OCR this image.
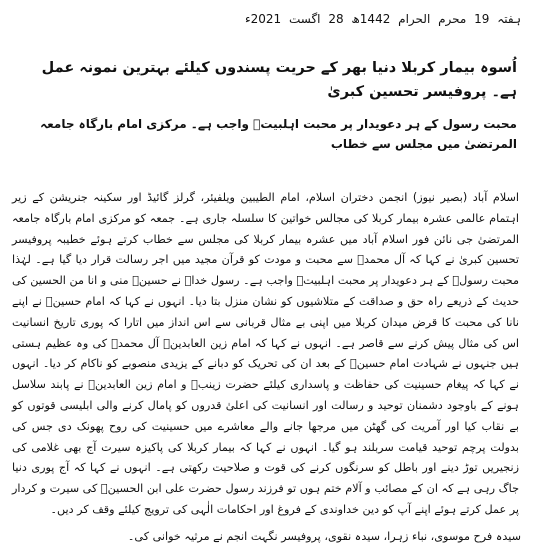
ہفتہ 19 محرم الحرام 1442ھ 28 اگست 2021ء
اُسوہ بیمار کربلا دنیا بھر کے حریت پسندوں کیلئے بہترین نمونہ عمل ہے۔ پروفیسر تحسین کبریٰ
محبت رسول کے ہر دعویدار پر محبت اہلبیتؑ واجب ہے۔ مرکزی امام بارگاہ جامعہ المرتضیٰ میں مجلس سے خطاب
اسلام آباد (بصیر نیوز) انجمن دختران اسلام، امام الطیبین ویلفیئر، گرلز گائیڈ اور سکینہ جنریشن کے زیر اہتمام عالمی عشرہ بیمار کربلا کی مجالس خواتین کا سلسلہ جاری ہے۔ جمعہ کو مرکزی امام بارگاہ جامعہ المرتضیٰ جی نائن فور اسلام آباد میں عشرہ بیمار کربلا کی مجلس سے خطاب کرتے ہوئے خطیبہ پروفیسر تحسین کبریٰ نے کہا کہ آل محمدؐ سے محبت و مودت کو قرآن مجید میں اجر رسالت قرار دیا گیا ہے۔ لہٰذا محبت رسولؐ کے ہر دعویدار پر محبت اہلبیتؑ واجب ہے۔ رسول خداؐ نے حسینؑ منی و انا من الحسین کی حدیث کے ذریعے راہ حق و صداقت کے متلاشیوں کو نشان منزل بتا دیا۔ انہوں نے کہا کہ امام حسینؑ نے اپنے نانا کی محبت کا قرض میدان کربلا میں اپنی بے مثال قربانی سے اس انداز میں اتارا کہ پوری تاریخ انسانیت اس کی مثال پیش کرنے سے قاصر ہے۔ انہوں نے کہا کہ امام زین العابدینؑ آل محمدؐ کی وہ عظیم ہستی ہیں جنہوں نے شہادت امام حسینؑ کے بعد ان کی تحریک کو دبانے کے یزیدی منصوبے کو ناکام کر دیا۔ انہوں نے کہا کہ پیغام حسینیت کی حفاظت و پاسداری کیلئے حضرت زینبؑ و امام زین العابدینؑ نے پابند سلاسل ہونے کے باوجود دشمنان توحید و رسالت اور انسانیت کی اعلیٰ قدروں کو پامال کرنے والی ابلیسی قوتوں کو بے نقاب کیا اور آمریت کی گھٹن میں مرجھا جانے والے معاشرے میں حسینیت کی روح پھونک دی جس کی بدولت پرچم توحید قیامت سربلند ہو گیا۔ انہوں نے کہا کہ بیمار کربلا کی پاکیزہ سیرت آج بھی غلامی کی زنجیریں توڑ دینے اور باطل کو سرنگوں کرنے کی قوت و صلاحیت رکھتی ہے۔ انہوں نے کہا کہ آج پوری دنیا جاگ رہی ہے کہ ان کے مصائب و آلام ختم ہوں تو فرزند رسول حضرت علی ابن الحسینؑ کی سیرت و کردار پر عمل کرتے ہوئے اپنے آپ کو دین خداوندی کے فروغ اور احکامات الٰہی کی ترویج کیلئے وقف کر دیں۔
سیدہ فرح موسوی، نباء زہرا، سیدہ نقوی، پروفیسر نگہت انجم نے مرثیہ خوانی کی۔
